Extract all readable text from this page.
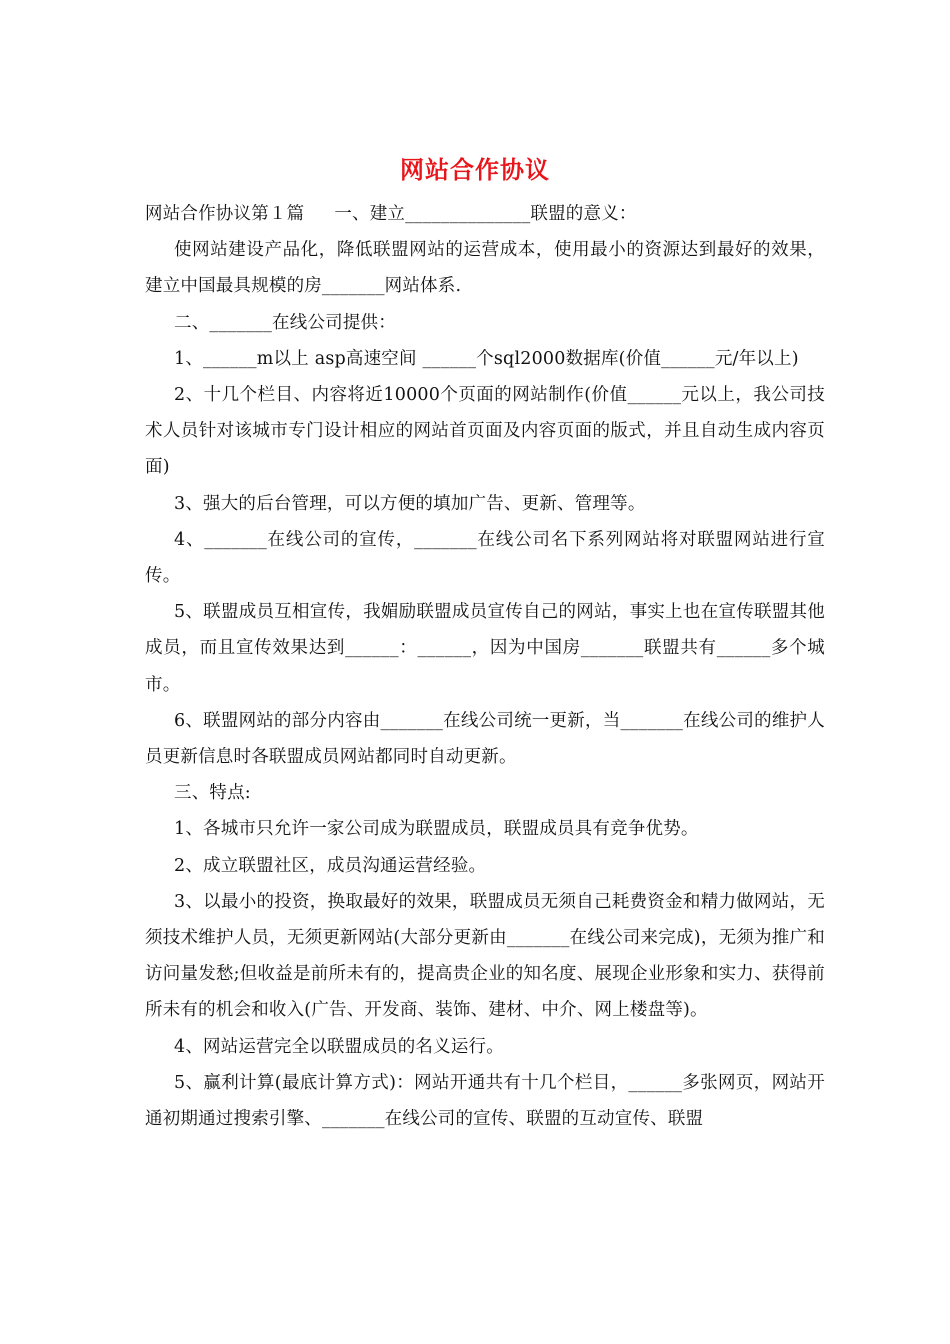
网站合作协议

网站合作协议第１篇 一、建立______________联盟的意义：

使网站建设产品化，降低联盟网站的运营成本，使用最小的资源达到最好的效果，建立中国最具规模的房_______网站体系.

二、_______在线公司提供：

1、______m以上 asp高速空间 ______个sql2000数据库(价值______元/年以上)

2、十几个栏目、内容将近10000个页面的网站制作(价值______元以上，我公司技术人员针对该城市专门设计相应的网站首页面及内容页面的版式，并且自动生成内容页面)

3、强大的后台管理，可以方便的填加广告、更新、管理等。

4、_______在线公司的宣传，_______在线公司名下系列网站将对联盟网站进行宣传。

5、联盟成员互相宣传，我媚励联盟成员宣传自己的网站，事实上也在宣传联盟其他成员，而且宣传效果达到______：______，因为中国房_______联盟共有______多个城市。

6、联盟网站的部分内容由_______在线公司统一更新，当_______在线公司的维护人员更新信息时各联盟成员网站都同时自动更新。

三、特点:

1、各城市只允许一家公司成为联盟成员，联盟成员具有竞争优势。

2、成立联盟社区，成员沟通运营经验。

3、以最小的投资，换取最好的效果，联盟成员无须自己耗费资金和精力做网站，无须技术维护人员，无须更新网站(大部分更新由_______在线公司来完成)，无须为推广和访问量发愁;但收益是前所未有的，提高贵企业的知名度、展现企业形象和实力、获得前所未有的机会和收入(广告、开发商、装饰、建材、中介、网上楼盘等)。

4、网站运营完全以联盟成员的名义运行。

5、赢利计算(最底计算方式)：网站开通共有十几个栏目，______多张网页，网站开通初期通过搜索引擎、_______在线公司的宣传、联盟的互动宣传、联盟
